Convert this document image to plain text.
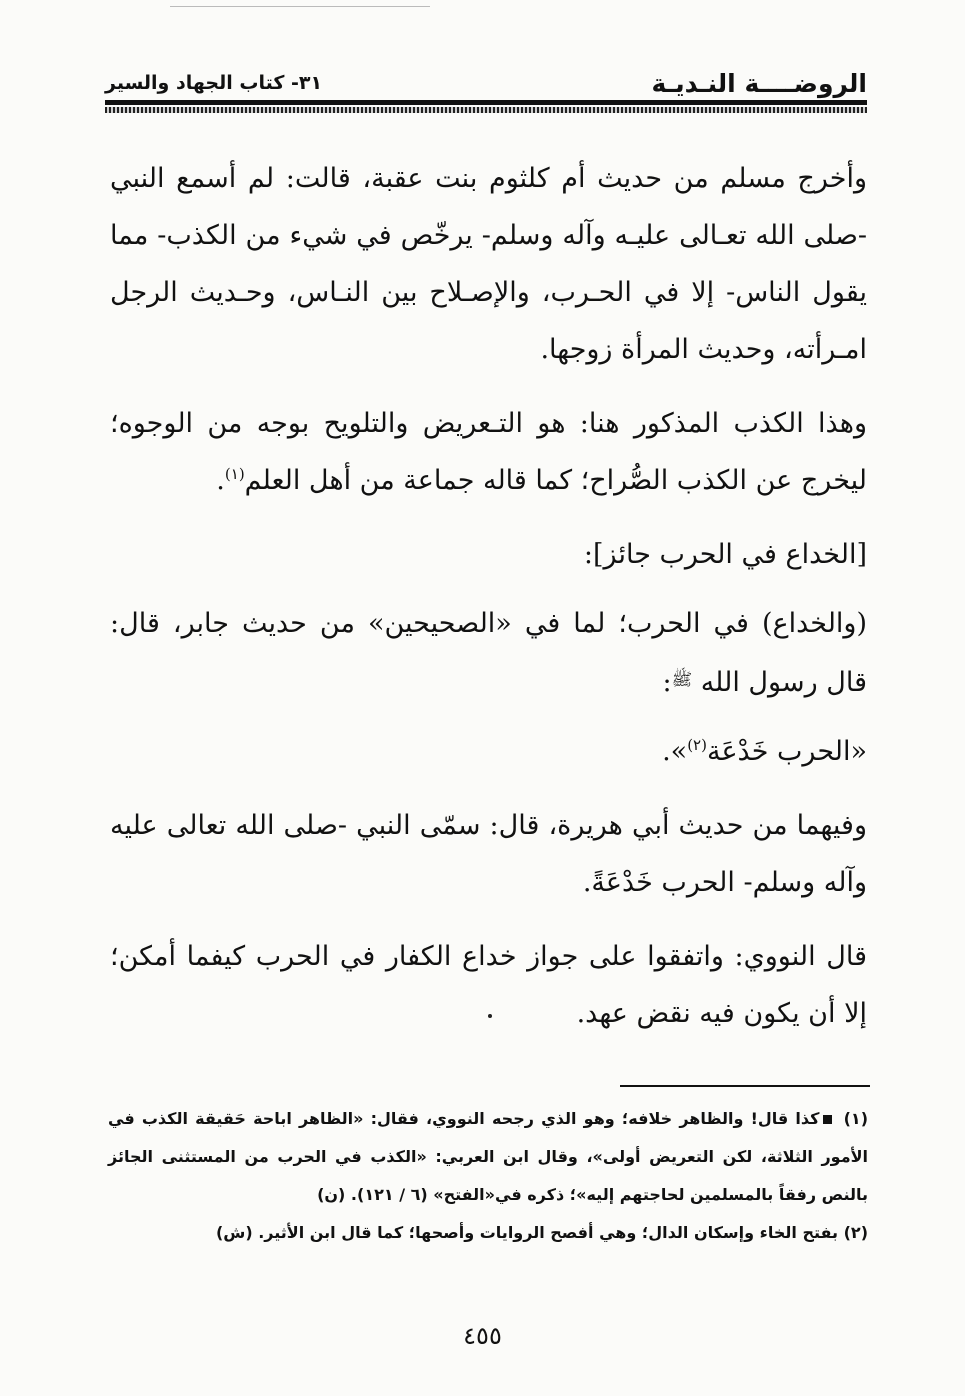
الروضــــة النـديـة
٣١- كتاب الجهاد والسير

وأخرج مسلم من حديث أم كلثوم بنت عقبة، قالت: لم أسمع النبي -صلى الله تعـالى عليـه وآله وسلم- يرخّص في شيء من الكذب- مما يقول الناس- إلا في الحـرب، والإصـلاح بين النـاس، وحـديث الرجل امـرأته، وحديث المرأة زوجها.

وهذا الكذب المذكور هنا: هو التـعريض والتلويح بوجه من الوجوه؛ ليخرج عن الكذب الصُّراح؛ كما قاله جماعة من أهل العلم$^{(١)}$.

[الخداع في الحرب جائز]:

(والخداع) في الحرب؛ لما في «الصحيحين» من حديث جابر، قال: قال رسول الله $^ﷺ$:

«الحرب خَدْعَة$^{(٢)}$».

وفيهما من حديث أبي هريرة، قال: سمّى النبي -صلى الله تعالى عليه وآله وسلم- الحرب خَدْعَةً.

قال النووي: واتفقوا على جواز خداع الكفار في الحرب كيفما أمكن؛ إلا أن يكون فيه نقض عهد.

(١) كذا قال! والظاهر خلافه؛ وهو الذي رجحه النووي، فقال: «الظاهر اباحة حَقيقة الكذب في الأمور الثلاثة، لكن التعريض أولى»، وقال ابن العربي: «الكذب في الحرب من المستثنى الجائز بالنص رفقاً بالمسلمين لحاجتهم إليه»؛ ذكره في«الفتح» (٦ / ١٢١). (ن)

(٢) بفتح الخاء وإسكان الدال؛ وهي أفصح الروايات وأصحها؛ كما قال ابن الأثير. (ش)

٤٥٥
